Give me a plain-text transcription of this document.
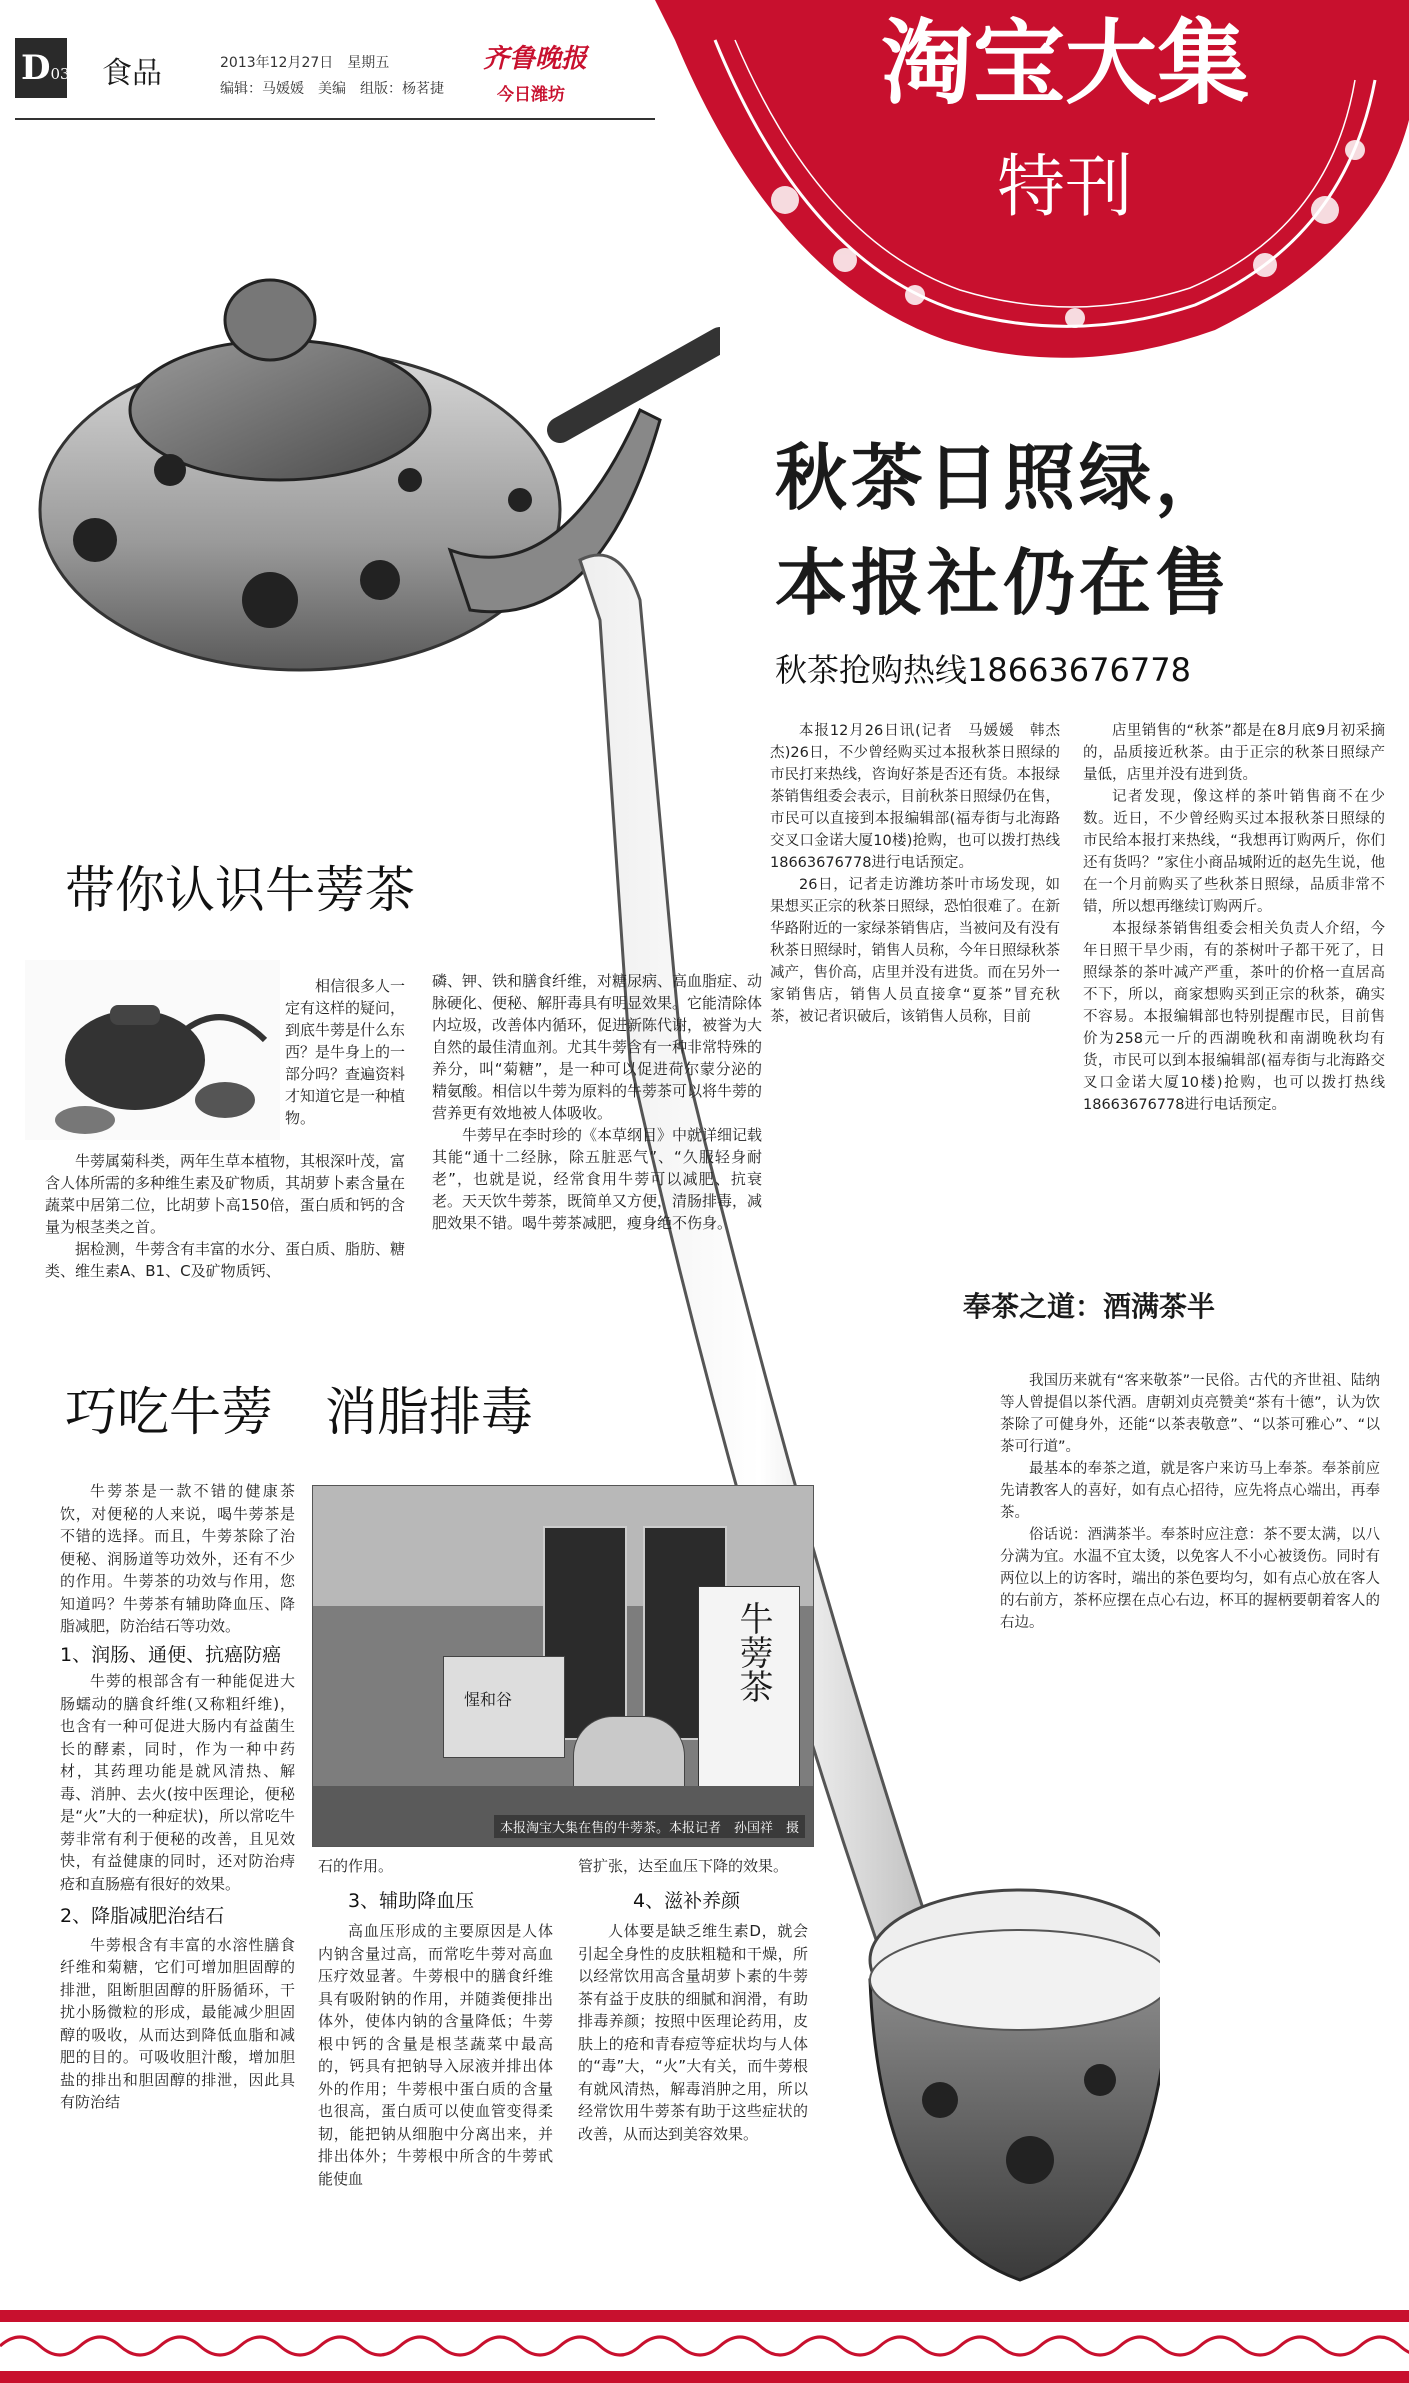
D03 食品	2013年12月27日　星期五
编辑：马媛媛　美编　组版：杨茗捷
齐鲁晚报
今日潍坊	淘宝大集
特刊
秋茶日照绿，
本报社仍在售
秋茶抢购热线18663676778

本报12月26日讯(记者　马媛媛　韩杰杰)26日，不少曾经购买过本报秋茶日照绿的市民打来热线，咨询好茶是否还有货。本报绿茶销售组委会表示，目前秋茶日照绿仍在售，市民可以直接到本报编辑部(福寿街与北海路交叉口金诺大厦10楼)抢购，也可以拨打热线18663676778进行电话预定。

26日，记者走访潍坊茶叶市场发现，如果想买正宗的秋茶日照绿，恐怕很难了。在新华路附近的一家绿茶销售店，当被问及有没有秋茶日照绿时，销售人员称，今年日照绿秋茶减产，售价高，店里并没有进货。而在另外一家销售店，销售人员直接拿“夏茶”冒充秋茶，被记者识破后，该销售人员称，目前

店里销售的“秋茶”都是在8月底9月初采摘的，品质接近秋茶。由于正宗的秋茶日照绿产量低，店里并没有进到货。

记者发现，像这样的茶叶销售商不在少数。近日，不少曾经购买过本报秋茶日照绿的市民给本报打来热线，“我想再订购两斤，你们还有货吗？”家住小商品城附近的赵先生说，他在一个月前购买了些秋茶日照绿，品质非常不错，所以想再继续订购两斤。

本报绿茶销售组委会相关负责人介绍，今年日照干旱少雨，有的茶树叶子都干死了，日照绿茶的茶叶减产严重，茶叶的价格一直居高不下，所以，商家想购买到正宗的秋茶，确实不容易。本报编辑部也特别提醒市民，目前售价为258元一斤的西湖晚秋和南湖晚秋均有货，市民可以到本报编辑部(福寿街与北海路交叉口金诺大厦10楼)抢购，也可以拨打热线18663676778进行电话预定。

带你认识牛蒡茶

相信很多人一定有这样的疑问，到底牛蒡是什么东西？是牛身上的一部分吗？查遍资料才知道它是一种植物。

牛蒡属菊科类，两年生草本植物，其根深叶茂，富含人体所需的多种维生素及矿物质，其胡萝卜素含量在蔬菜中居第二位，比胡萝卜高150倍，蛋白质和钙的含量为根茎类之首。

据检测，牛蒡含有丰富的水分、蛋白质、脂肪、糖类、维生素A、B1、C及矿物质钙、

磷、钾、铁和膳食纤维，对糖尿病、高血脂症、动脉硬化、便秘、解肝毒具有明显效果。它能清除体内垃圾，改善体内循环，促进新陈代谢，被誉为大自然的最佳清血剂。尤其牛蒡含有一种非常特殊的养分，叫“菊糖”，是一种可以促进荷尔蒙分泌的精氨酸。相信以牛蒡为原料的牛蒡茶可以将牛蒡的营养更有效地被人体吸收。

牛蒡早在李时珍的《本草纲目》中就详细记载其能“通十二经脉，除五脏恶气”、“久服轻身耐老”，也就是说，经常食用牛蒡可以减肥、抗衰老。天天饮牛蒡茶，既简单又方便，清肠排毒，减肥效果不错。喝牛蒡茶减肥，瘦身绝不伤身。

奉茶之道：酒满茶半

我国历来就有“客来敬茶”一民俗。古代的齐世祖、陆纳等人曾提倡以茶代酒。唐朝刘贞亮赞美“茶有十德”，认为饮茶除了可健身外，还能“以茶表敬意”、“以茶可雅心”、“以茶可行道”。

最基本的奉茶之道，就是客户来访马上奉茶。奉茶前应先请教客人的喜好，如有点心招待，应先将点心端出，再奉茶。

俗话说：酒满茶半。奉茶时应注意：茶不要太满，以八分满为宜。水温不宜太烫，以免客人不小心被烫伤。同时有两位以上的访客时，端出的茶色要均匀，如有点心放在客人的右前方，茶杯应摆在点心右边，杯耳的握柄要朝着客人的右边。

巧吃牛蒡　消脂排毒

牛蒡茶是一款不错的健康茶饮，对便秘的人来说，喝牛蒡茶是不错的选择。而且，牛蒡茶除了治便秘、润肠道等功效外，还有不少的作用。牛蒡茶的功效与作用，您知道吗？牛蒡茶有辅助降血压、降脂减肥，防治结石等功效。

1、润肠、通便、抗癌防癌

牛蒡的根部含有一种能促进大肠蠕动的膳食纤维(又称粗纤维)，也含有一种可促进大肠内有益菌生长的酵素，同时，作为一种中药材，其药理功能是就风清热、解毒、消肿、去火(按中医理论，便秘是“火”大的一种症状)，所以常吃牛蒡非常有利于便秘的改善，且见效快，有益健康的同时，还对防治痔疮和直肠癌有很好的效果。

2、降脂减肥治结石

牛蒡根含有丰富的水溶性膳食纤维和菊糖，它们可增加胆固醇的排泄，阻断胆固醇的肝肠循环，干扰小肠微粒的形成，最能减少胆固醇的吸收，从而达到降低血脂和减肥的目的。可吸收胆汁酸，增加胆盐的排出和胆固醇的排泄，因此具有防治结

惺和谷	牛蒡茶
本报淘宝大集在售的牛蒡茶。本报记者　孙国祥　摄

石的作用。

3、辅助降血压

高血压形成的主要原因是人体内钠含量过高，而常吃牛蒡对高血压疗效显著。牛蒡根中的膳食纤维具有吸附钠的作用，并随粪便排出体外，使体内钠的含量降低；牛蒡根中钙的含量是根茎蔬菜中最高的，钙具有把钠导入尿液并排出体外的作用；牛蒡根中蛋白质的含量也很高，蛋白质可以使血管变得柔韧，能把钠从细胞中分离出来，并排出体外；牛蒡根中所含的牛蒡甙能使血

管扩张，达至血压下降的效果。

4、滋补养颜

人体要是缺乏维生素D，就会引起全身性的皮肤粗糙和干燥，所以经常饮用高含量胡萝卜素的牛蒡茶有益于皮肤的细腻和润滑，有助排毒养颜；按照中医理论药用，皮肤上的疮和青春痘等症状均与人体的“毒”大，“火”大有关，而牛蒡根有就风清热，解毒消肿之用，所以经常饮用牛蒡茶有助于这些症状的改善，从而达到美容效果。
